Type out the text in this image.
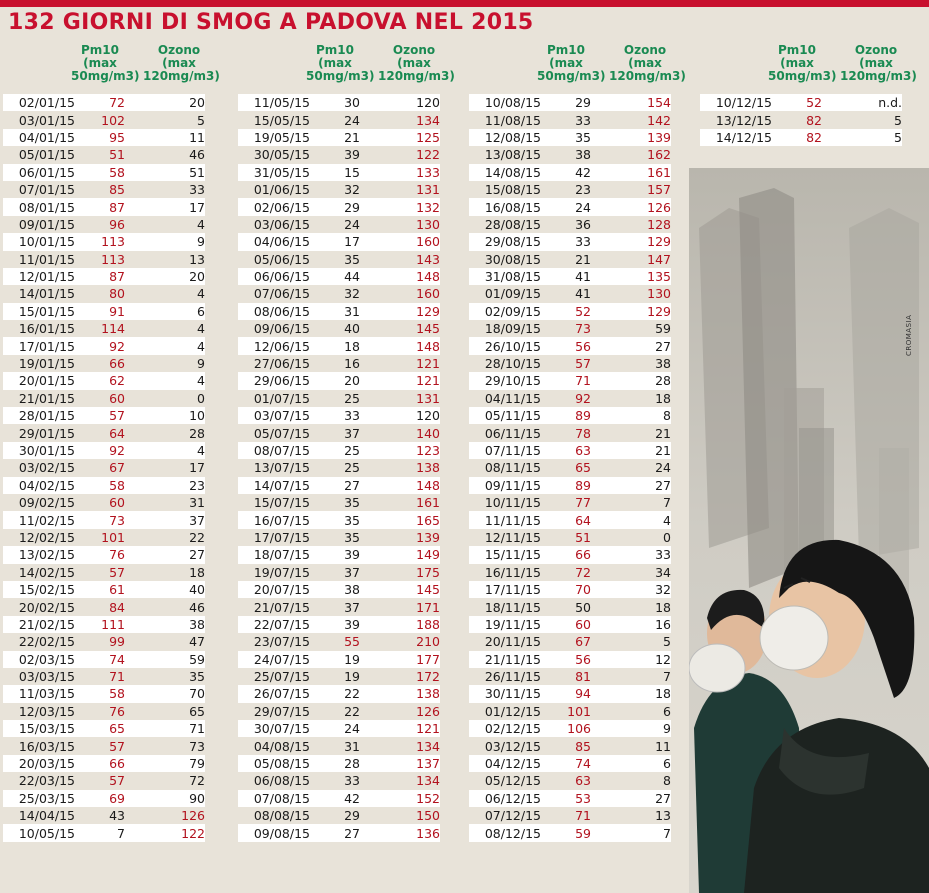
132 GIORNI DI SMOG A PADOVA NEL 2015
Pm10
(max
50mg/m3)
Ozono
(max
120mg/m3)
02/01/15	72	20
03/01/15	102	5
04/01/15	95	11
05/01/15	51	46
06/01/15	58	51
07/01/15	85	33
08/01/15	87	17
09/01/15	96	4
10/01/15	113	9
11/01/15	113	13
12/01/15	87	20
14/01/15	80	4
15/01/15	91	6
16/01/15	114	4
17/01/15	92	4
19/01/15	66	9
20/01/15	62	4
21/01/15	60	0
28/01/15	57	10
29/01/15	64	28
30/01/15	92	4
03/02/15	67	17
04/02/15	58	23
09/02/15	60	31
11/02/15	73	37
12/02/15	101	22
13/02/15	76	27
14/02/15	57	18
15/02/15	61	40
20/02/15	84	46
21/02/15	111	38
22/02/15	99	47
02/03/15	74	59
03/03/15	71	35
11/03/15	58	70
12/03/15	76	65
15/03/15	65	71
16/03/15	57	73
20/03/15	66	79
22/03/15	57	72
25/03/15	69	90
14/04/15	43	126
10/05/15	7	122
Pm10
(max
50mg/m3)
Ozono
(max
120mg/m3)
11/05/15	30	120
15/05/15	24	134
19/05/15	21	125
30/05/15	39	122
31/05/15	15	133
01/06/15	32	131
02/06/15	29	132
03/06/15	24	130
04/06/15	17	160
05/06/15	35	143
06/06/15	44	148
07/06/15	32	160
08/06/15	31	129
09/06/15	40	145
12/06/15	18	148
27/06/15	16	121
29/06/15	20	121
01/07/15	25	131
03/07/15	33	120
05/07/15	37	140
08/07/15	25	123
13/07/15	25	138
14/07/15	27	148
15/07/15	35	161
16/07/15	35	165
17/07/15	35	139
18/07/15	39	149
19/07/15	37	175
20/07/15	38	145
21/07/15	37	171
22/07/15	39	188
23/07/15	55	210
24/07/15	19	177
25/07/15	19	172
26/07/15	22	138
29/07/15	22	126
30/07/15	24	121
04/08/15	31	134
05/08/15	28	137
06/08/15	33	134
07/08/15	42	152
08/08/15	29	150
09/08/15	27	136
Pm10
(max
50mg/m3)
Ozono
(max
120mg/m3)
10/08/15	29	154
11/08/15	33	142
12/08/15	35	139
13/08/15	38	162
14/08/15	42	161
15/08/15	23	157
16/08/15	24	126
28/08/15	36	128
29/08/15	33	129
30/08/15	21	147
31/08/15	41	135
01/09/15	41	130
02/09/15	52	129
18/09/15	73	59
26/10/15	56	27
28/10/15	57	38
29/10/15	71	28
04/11/15	92	18
05/11/15	89	8
06/11/15	78	21
07/11/15	63	21
08/11/15	65	24
09/11/15	89	27
10/11/15	77	7
11/11/15	64	4
12/11/15	51	0
15/11/15	66	33
16/11/15	72	34
17/11/15	70	32
18/11/15	50	18
19/11/15	60	16
20/11/15	67	5
21/11/15	56	12
26/11/15	81	7
30/11/15	94	18
01/12/15	101	6
02/12/15	106	9
03/12/15	85	11
04/12/15	74	6
05/12/15	63	8
06/12/15	53	27
07/12/15	71	13
08/12/15	59	7
Pm10
(max
50mg/m3)
Ozono
(max
120mg/m3)
10/12/15	52	n.d.
13/12/15	82	5
14/12/15	82	5
CROMASIA
